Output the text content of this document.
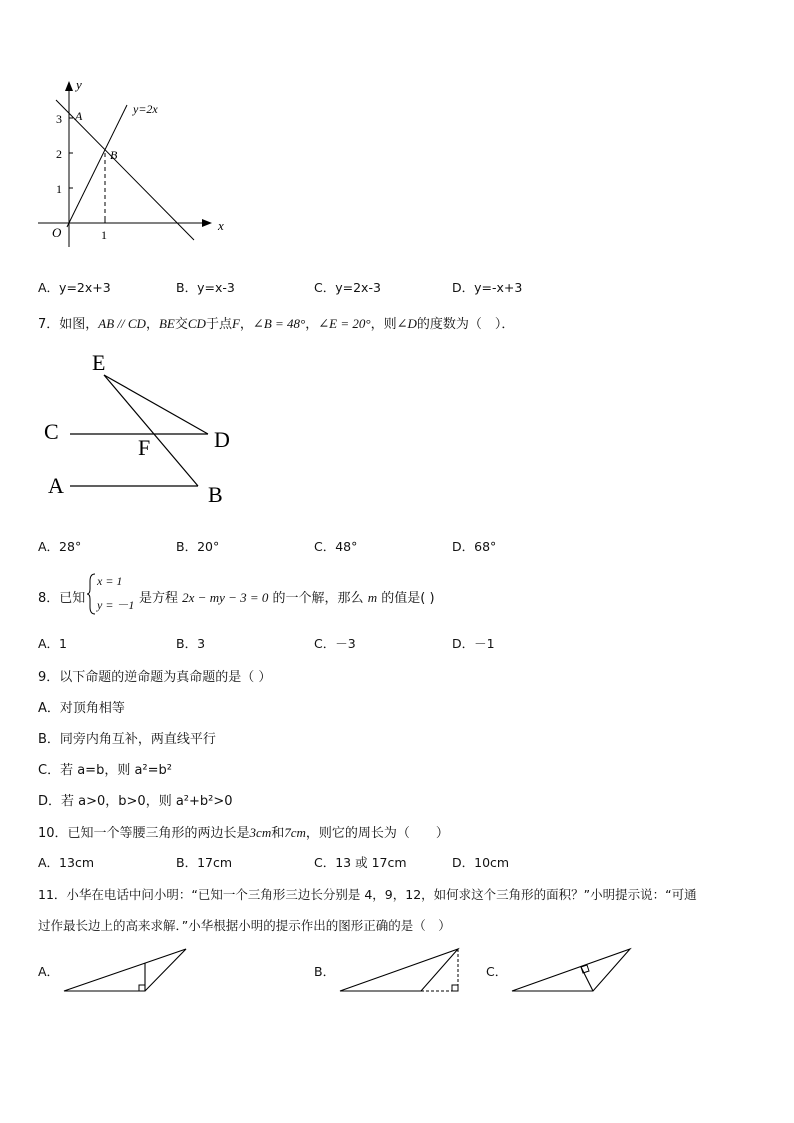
y
x
O
3
2
1
1
A
B
y=2x
A．y=2x+3	B．y=x-3	C．y=2x-3	D．y=-x+3
7．如图，AB // CD，BE交CD于点F，∠B = 48°，∠E = 20°，则∠D的度数为（　）．
E
C
F	D
A	B
A．28°	B．20°	C．48°	D．68°
8．已知
x = 1
y = －1 是方程 2x − my − 3 = 0 的一个解，那么 m 的值是( )
A．1	B．3	C．－3	D．－1
9．以下命题的逆命题为真命题的是（ ）
A．对顶角相等
B．同旁内角互补，两直线平行
C．若 a=b，则 a²=b²
D．若 a>0，b>0，则 a²+b²>0
10．已知一个等腰三角形的两边长是3cm和7cm，则它的周长为（　　）
A．13cm	B．17cm	C．13 或 17cm	D．10cm
11．小华在电话中问小明：“已知一个三角形三边长分别是 4，9，12，如何求这个三角形的面积？”小明提示说：“可通
过作最长边上的高来求解．”小华根据小明的提示作出的图形正确的是（　）
A．	B．	C．
